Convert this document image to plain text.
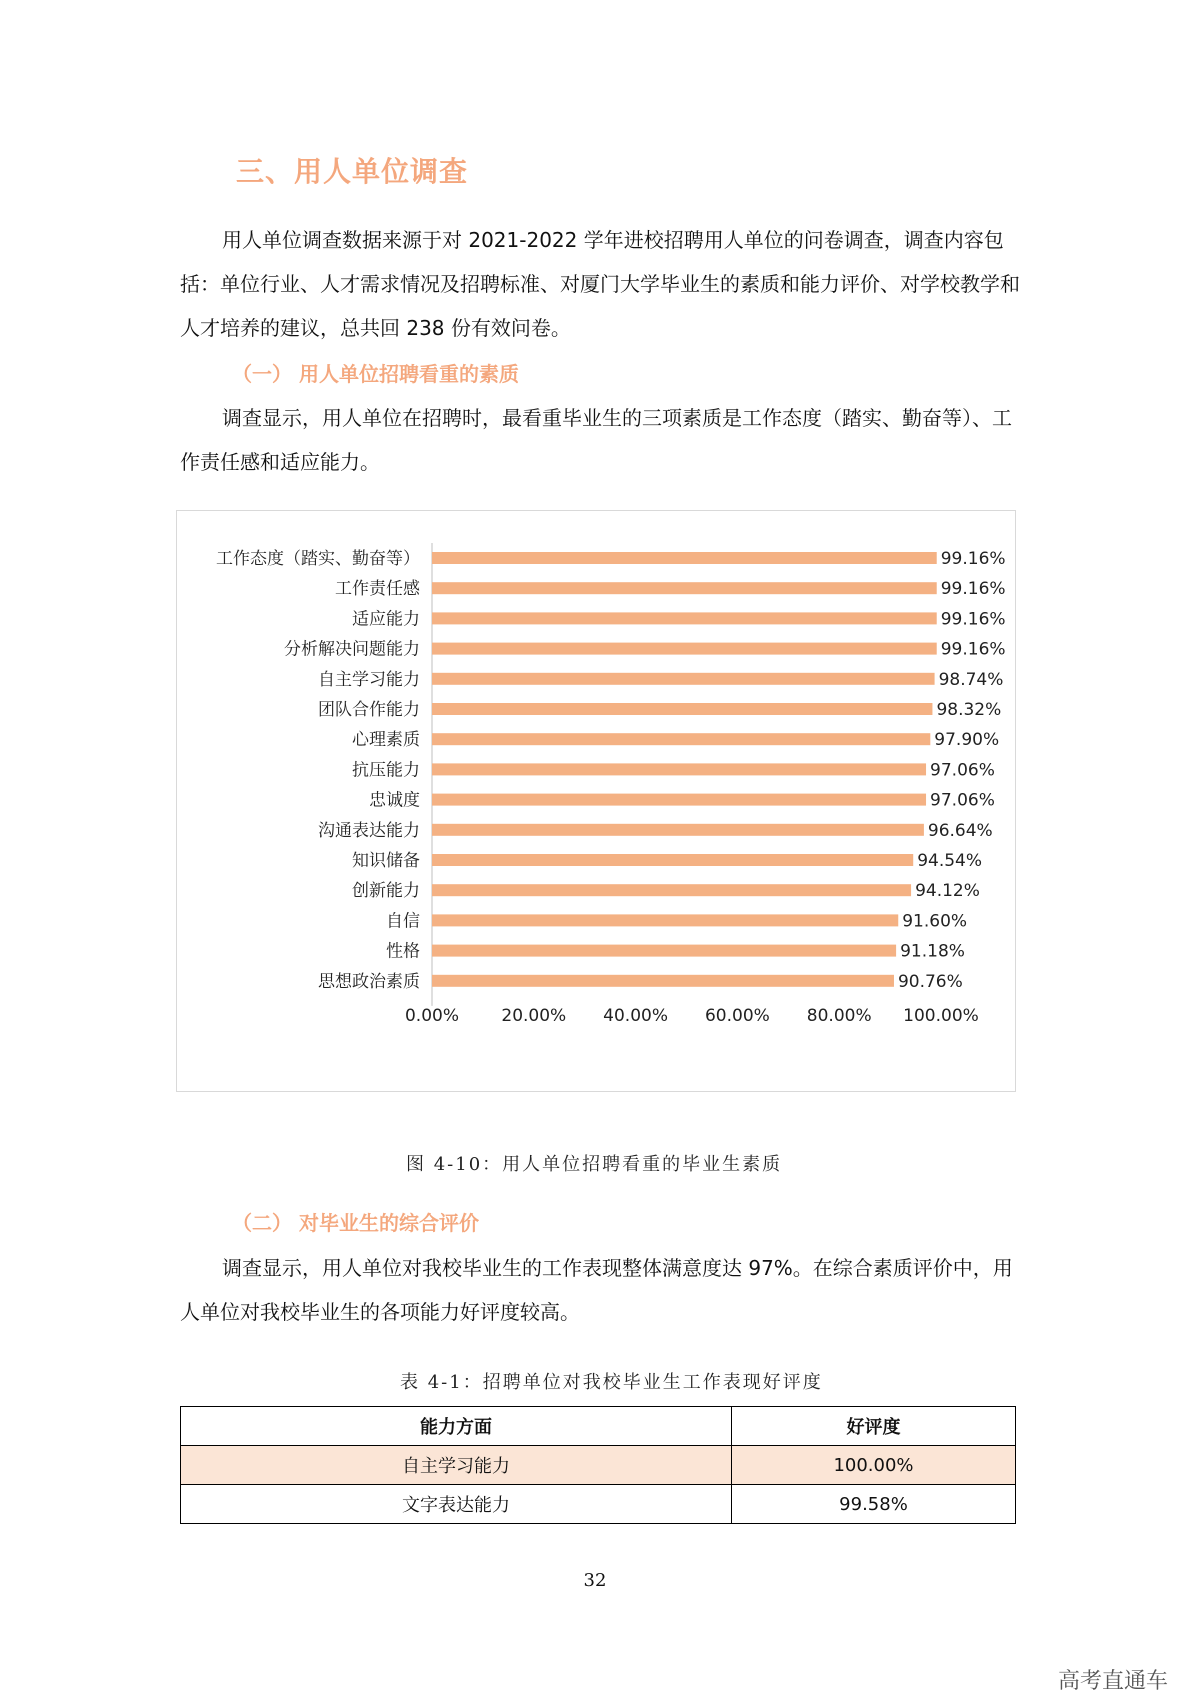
三、用人单位调查
用人单位调查数据来源于对 2021-2022 学年进校招聘用人单位的问卷调查，调查内容包括：单位行业、人才需求情况及招聘标准、对厦门大学毕业生的素质和能力评价、对学校教学和人才培养的建议，总共回 238 份有效问卷。
（一） 用人单位招聘看重的素质
调查显示，用人单位在招聘时，最看重毕业生的三项素质是工作态度（踏实、勤奋等）、工作责任感和适应能力。
工作态度（踏实、勤奋等）	99.16%
工作责任感	99.16%
适应能力	99.16%
分析解决问题能力	99.16%
自主学习能力	98.74%
团队合作能力	98.32%
心理素质	97.90%
抗压能力	97.06%
忠诚度	97.06%
沟通表达能力	96.64%
知识储备	94.54%
创新能力	94.12%
自信	91.60%
性格	91.18%
思想政治素质	90.76%
0.00% 20.00% 40.00% 60.00% 80.00% 100.00%
图 4-10：用人单位招聘看重的毕业生素质
（二） 对毕业生的综合评价
调查显示，用人单位对我校毕业生的工作表现整体满意度达 97%。在综合素质评价中，用人单位对我校毕业生的各项能力好评度较高。
表 4-1：招聘单位对我校毕业生工作表现好评度
能力方面	好评度
自主学习能力	100.00%
文字表达能力	99.58%
32
高考直通车
